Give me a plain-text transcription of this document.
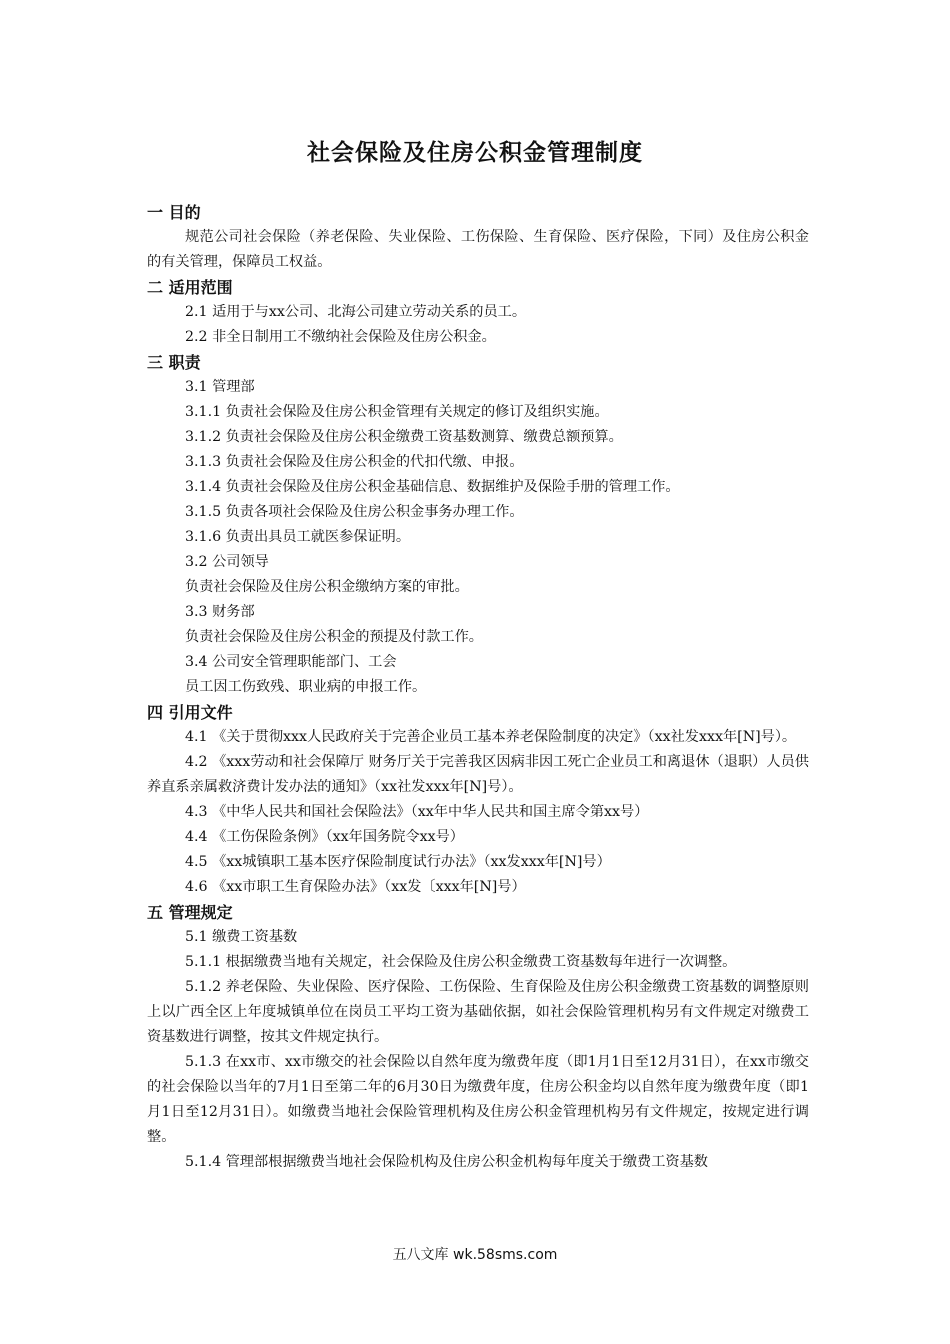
社会保险及住房公积金管理制度
一 目的
规范公司社会保险（养老保险、失业保险、工伤保险、生育保险、医疗保险，下同）及住房公积金的有关管理，保障员工权益。
二 适用范围
2.1 适用于与xx公司、北海公司建立劳动关系的员工。
2.2 非全日制用工不缴纳社会保险及住房公积金。
三 职责
3.1 管理部
3.1.1 负责社会保险及住房公积金管理有关规定的修订及组织实施。
3.1.2 负责社会保险及住房公积金缴费工资基数测算、缴费总额预算。
3.1.3 负责社会保险及住房公积金的代扣代缴、申报。
3.1.4 负责社会保险及住房公积金基础信息、数据维护及保险手册的管理工作。
3.1.5 负责各项社会保险及住房公积金事务办理工作。
3.1.6 负责出具员工就医参保证明。
3.2 公司领导
负责社会保险及住房公积金缴纳方案的审批。
3.3 财务部
负责社会保险及住房公积金的预提及付款工作。
3.4 公司安全管理职能部门、工会
员工因工伤致残、职业病的申报工作。
四 引用文件
4.1 《关于贯彻xxx人民政府关于完善企业员工基本养老保险制度的决定》（xx社发xxx年[N]号）。
4.2 《xxx劳动和社会保障厅 财务厅关于完善我区因病非因工死亡企业员工和离退休（退职）人员供养直系亲属救济费计发办法的通知》（xx社发xxx年[N]号）。
4.3 《中华人民共和国社会保险法》（xx年中华人民共和国主席令第xx号）
4.4 《工伤保险条例》（xx年国务院令xx号）
4.5 《xx城镇职工基本医疗保险制度试行办法》（xx发xxx年[N]号）
4.6 《xx市职工生育保险办法》（xx发〔xxx年[N]号）
五 管理规定
5.1 缴费工资基数
5.1.1 根据缴费当地有关规定，社会保险及住房公积金缴费工资基数每年进行一次调整。
5.1.2 养老保险、失业保险、医疗保险、工伤保险、生育保险及住房公积金缴费工资基数的调整原则上以广西全区上年度城镇单位在岗员工平均工资为基础依据，如社会保险管理机构另有文件规定对缴费工资基数进行调整，按其文件规定执行。
5.1.3 在xx市、xx市缴交的社会保险以自然年度为缴费年度（即1月1日至12月31日），在xx市缴交的社会保险以当年的7月1日至第二年的6月30日为缴费年度，住房公积金均以自然年度为缴费年度（即1月1日至12月31日）。如缴费当地社会保险管理机构及住房公积金管理机构另有文件规定，按规定进行调整。
5.1.4 管理部根据缴费当地社会保险机构及住房公积金机构每年度关于缴费工资基数
五八文库 wk.58sms.com
